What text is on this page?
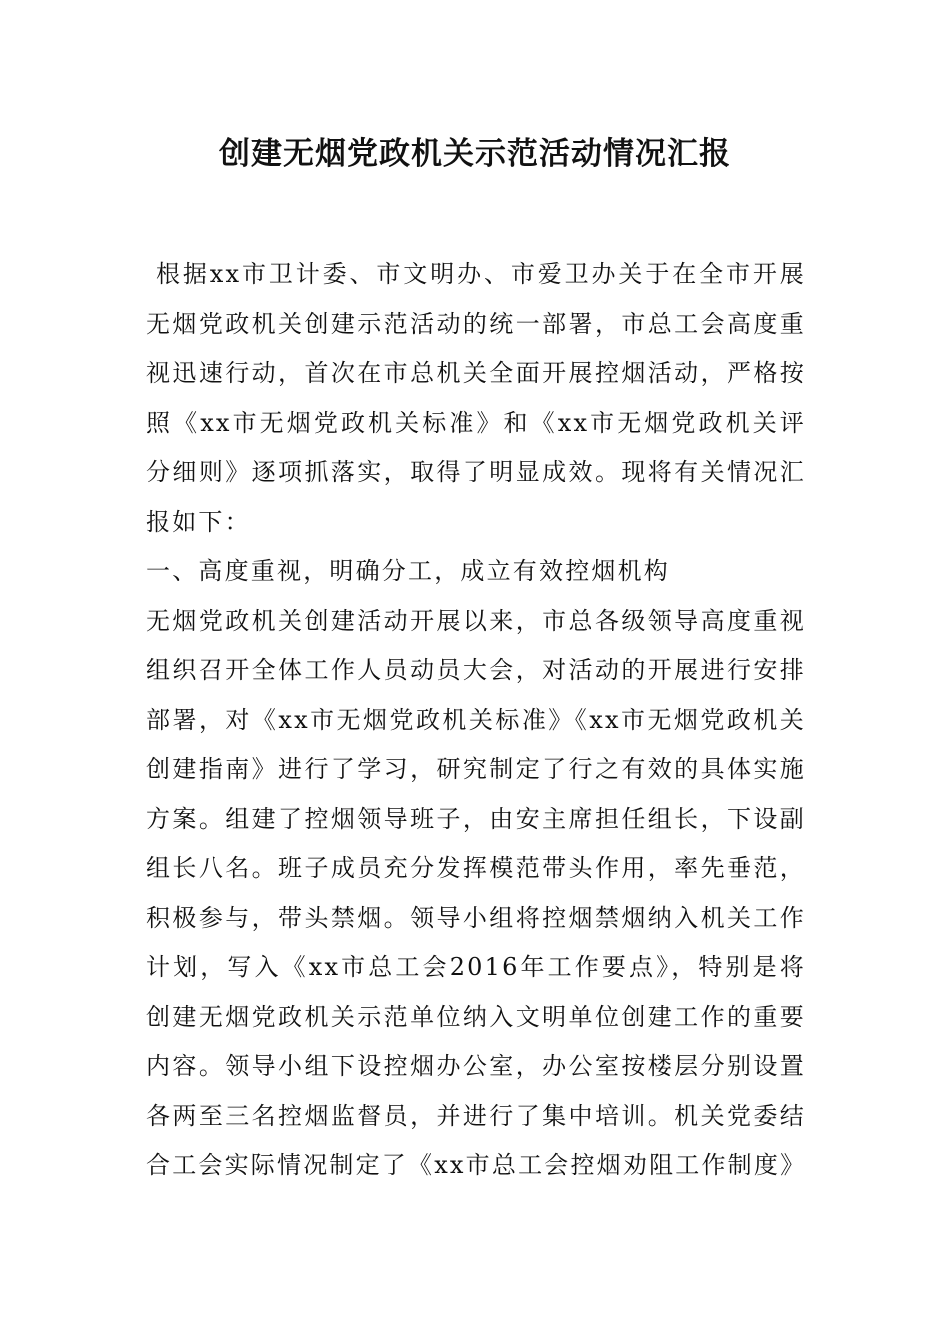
创建无烟党政机关示范活动情况汇报

根据xx市卫计委、市文明办、市爱卫办关于在全市开展无烟党政机关创建示范活动的统一部署，市总工会高度重视迅速行动，首次在市总机关全面开展控烟活动，严格按照《xx市无烟党政机关标准》和《xx市无烟党政机关评分细则》逐项抓落实，取得了明显成效。现将有关情况汇报如下：

一、高度重视，明确分工，成立有效控烟机构

无烟党政机关创建活动开展以来，市总各级领导高度重视组织召开全体工作人员动员大会，对活动的开展进行安排部署，对《xx市无烟党政机关标准》《xx市无烟党政机关创建指南》进行了学习，研究制定了行之有效的具体实施方案。组建了控烟领导班子，由安主席担任组长，下设副组长八名。班子成员充分发挥模范带头作用，率先垂范，积极参与，带头禁烟。领导小组将控烟禁烟纳入机关工作计划，写入《xx市总工会2016年工作要点》，特别是将创建无烟党政机关示范单位纳入文明单位创建工作的重要内容。领导小组下设控烟办公室，办公室按楼层分别设置各两至三名控烟监督员，并进行了集中培训。机关党委结合工会实际情况制定了《xx市总工会控烟劝阻工作制度》
